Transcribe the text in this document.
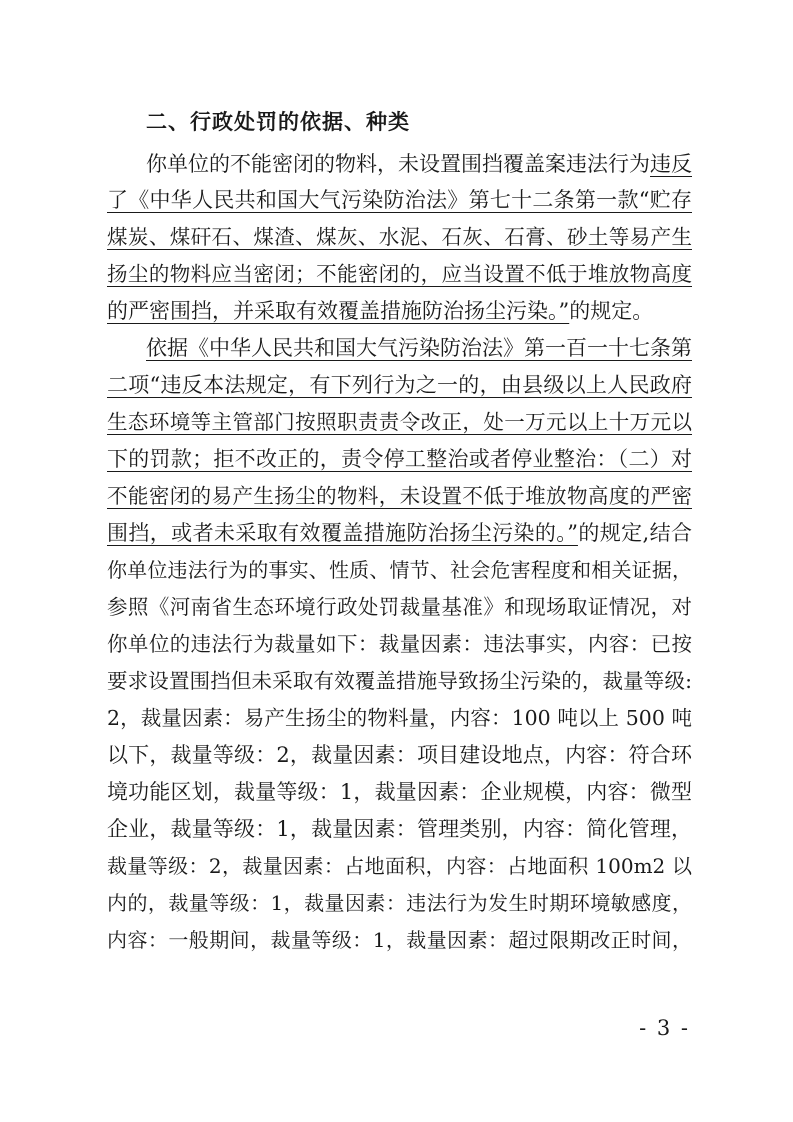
二、行政处罚的依据、种类
你单位的不能密闭的物料，未设置围挡覆盖案违法行为违反
了《中华人民共和国大气污染防治法》第七十二条第一款“贮存
煤炭、煤矸石、煤渣、煤灰、水泥、石灰、石膏、砂土等易产生
扬尘的物料应当密闭；不能密闭的，应当设置不低于堆放物高度
的严密围挡，并采取有效覆盖措施防治扬尘污染。”的规定。
依据《中华人民共和国大气污染防治法》第一百一十七条第
二项“违反本法规定，有下列行为之一的，由县级以上人民政府
生态环境等主管部门按照职责责令改正，处一万元以上十万元以
下的罚款；拒不改正的，责令停工整治或者停业整治：（二）对
不能密闭的易产生扬尘的物料，未设置不低于堆放物高度的严密
围挡，或者未采取有效覆盖措施防治扬尘污染的。”的规定,结合
你单位违法行为的事实、性质、情节、社会危害程度和相关证据，
参照《河南省生态环境行政处罚裁量基准》和现场取证情况，对
你单位的违法行为裁量如下：裁量因素：违法事实，内容：已按
要求设置围挡但未采取有效覆盖措施导致扬尘污染的，裁量等级:
2，裁量因素：易产生扬尘的物料量，内容：100 吨以上 500 吨
以下，裁量等级：2，裁量因素：项目建设地点，内容：符合环
境功能区划，裁量等级：1，裁量因素：企业规模，内容：微型
企业，裁量等级：1，裁量因素：管理类别，内容：简化管理，
裁量等级：2，裁量因素：占地面积，内容：占地面积 100m2 以
内的，裁量等级：1，裁量因素：违法行为发生时期环境敏感度，
内容：一般期间，裁量等级：1，裁量因素：超过限期改正时间，
- 3 -
